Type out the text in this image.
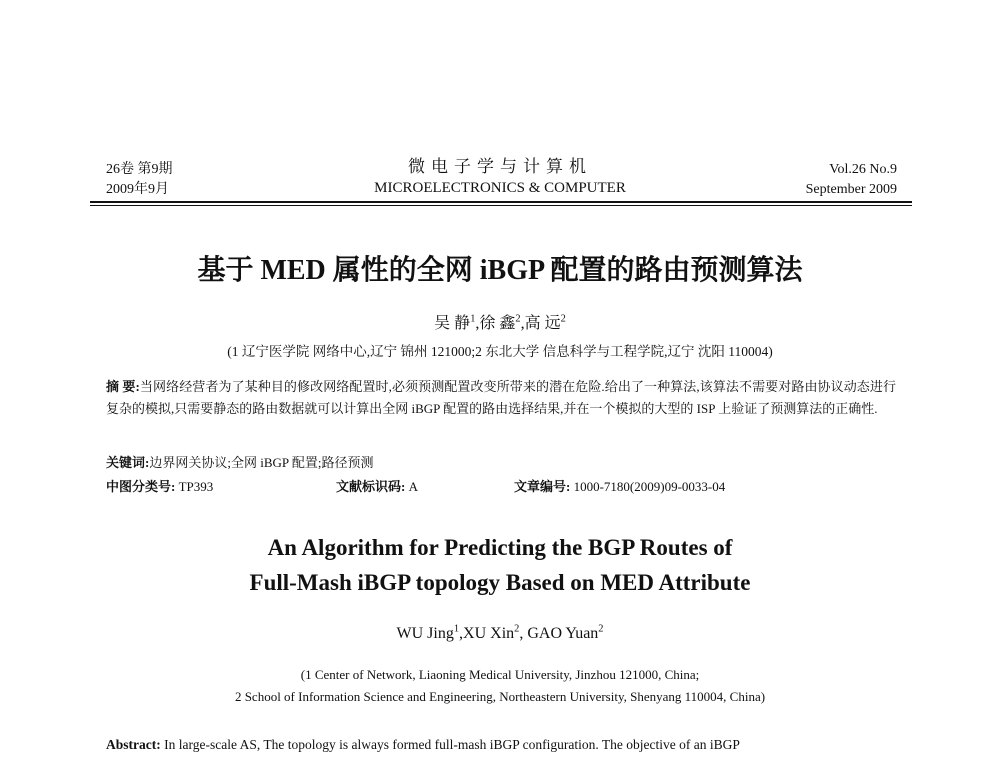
26卷 第9期
2009年9月
微电子学与计算机
MICROELECTRONICS & COMPUTER
Vol.26 No.9
September 2009
基于 MED 属性的全网 iBGP 配置的路由预测算法
吴 静$^1$,徐 鑫$^2$,高 远$^2$
(1 辽宁医学院 网络中心,辽宁 锦州 121000;2 东北大学 信息科学与工程学院,辽宁 沈阳 110004)
摘 要:当网络经营者为了某种目的修改网络配置时,必须预测配置改变所带来的潜在危险.给出了一种算法,该算法不需要对路由协议动态进行复杂的模拟,只需要静态的路由数据就可以计算出全网 iBGP 配置的路由选择结果,并在一个模拟的大型的 ISP 上验证了预测算法的正确性.
关键词:边界网关协议;全网 iBGP 配置;路径预测
中图分类号: TP393	文献标识码: A	文章编号: 1000-7180(2009)09-0033-04
An Algorithm for Predicting the BGP Routes of
Full-Mash iBGP topology Based on MED Attribute
WU Jing$^1$,XU Xin$^2$, GAO Yuan$^2$
(1 Center of Network, Liaoning Medical University, Jinzhou 121000, China;
2 School of Information Science and Engineering, Northeastern University, Shenyang 110004, China)
Abstract: In large-scale AS, The topology is always formed full-mash iBGP configuration. The objective of an iBGP
